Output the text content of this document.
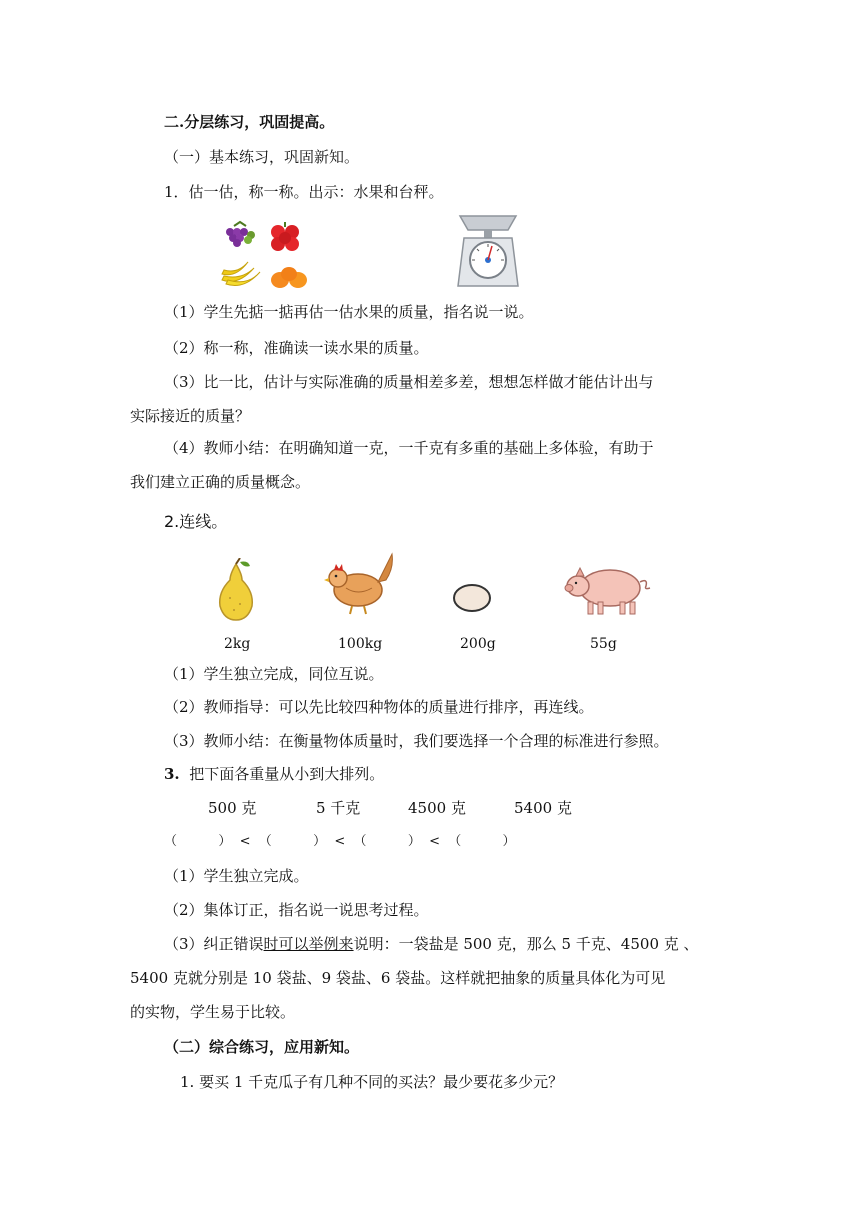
二.分层练习，巩固提高。
（一）基本练习，巩固新知。
1．估一估，称一称。出示：水果和台秤。
（1）学生先掂一掂再估一估水果的质量，指名说一说。
（2）称一称，准确读一读水果的质量。
（3）比一比，估计与实际准确的质量相差多差，想想怎样做才能估计出与
实际接近的质量？
（4）教师小结：在明确知道一克，一千克有多重的基础上多体验，有助于
我们建立正确的质量概念。
2.连线。
2kg	100kg	200g	55g
（1）学生独立完成，同位互说。
（2）教师指导：可以先比较四种物体的质量进行排序，再连线。
（3）教师小结：在衡量物体质量时，我们要选择一个合理的标准进行参照。
3. 把下面各重量从小到大排列。
500 克	5 千克	4500 克	5400 克
（          ）  <  （          ）  <  （          ）  <  （          ）
（1）学生独立完成。
（2）集体订正，指名说一说思考过程。
（3）纠正错误时可以举例来说明：一袋盐是 500 克，那么 5 千克、4500 克 、
5400 克就分别是 10 袋盐、9 袋盐、6 袋盐。这样就把抽象的质量具体化为可见
的实物，学生易于比较。
（二）综合练习，应用新知。
1. 要买 1 千克瓜子有几种不同的买法？最少要花多少元？
